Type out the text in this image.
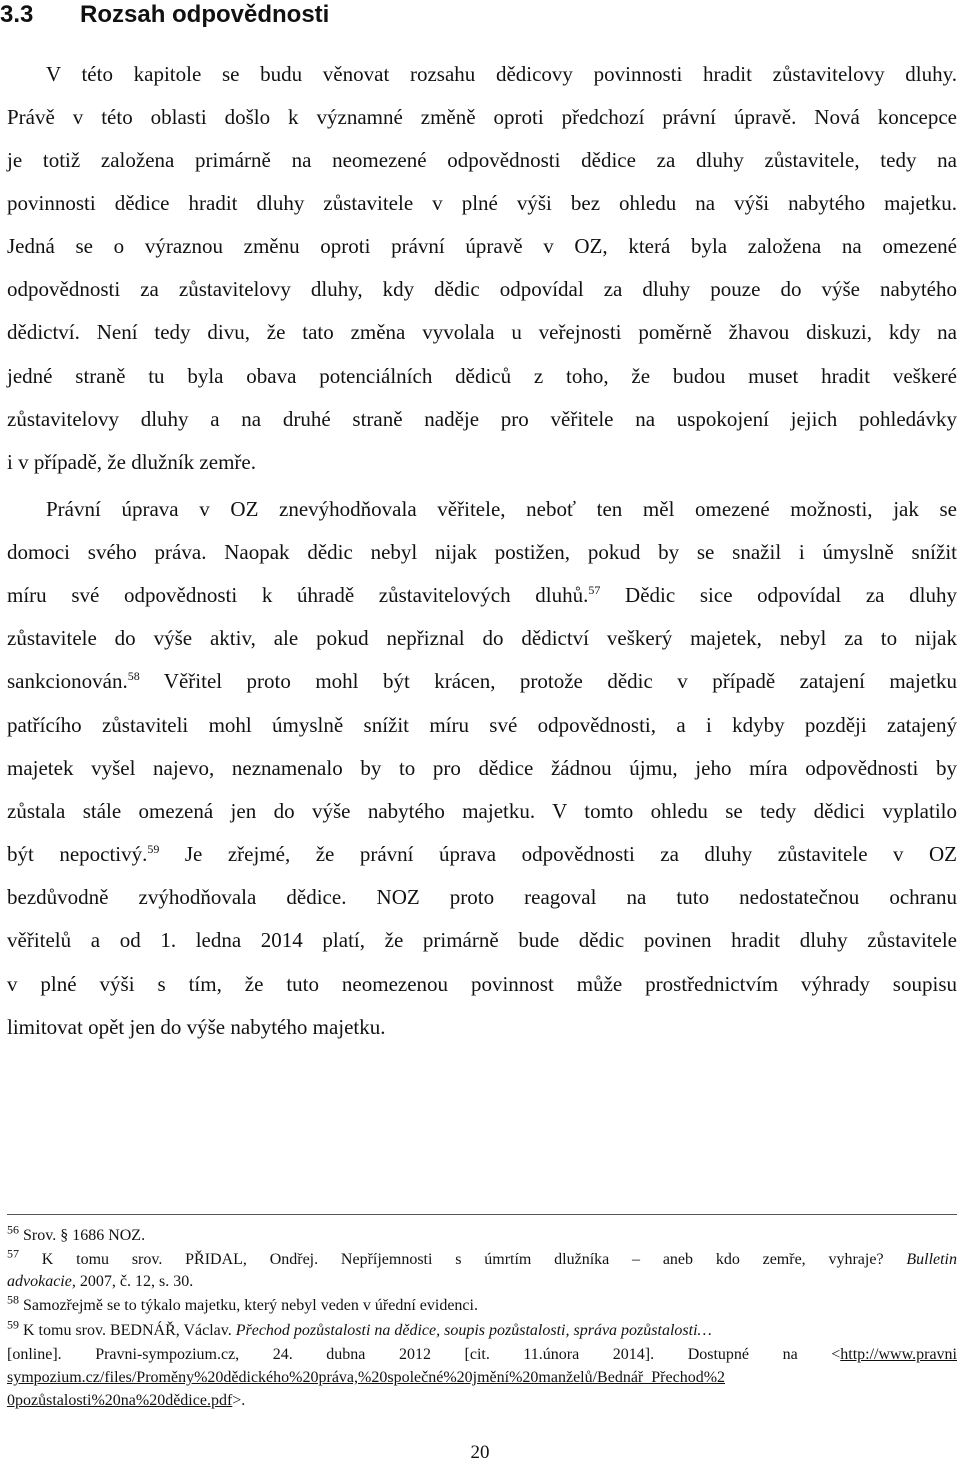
3.3 Rozsah odpovědnosti
V této kapitole se budu věnovat rozsahu dědicovy povinnosti hradit zůstavitelovy dluhy.
Právě v této oblasti došlo k významné změně oproti předchozí právní úpravě. Nová koncepce
je totiž založena primárně na neomezené odpovědnosti dědice za dluhy zůstavitele, tedy na
povinnosti dědice hradit dluhy zůstavitele v plné výši bez ohledu na výši nabytého majetku.
Jedná se o výraznou změnu oproti právní úpravě v OZ, která byla založena na omezené
odpovědnosti za zůstavitelovy dluhy, kdy dědic odpovídal za dluhy pouze do výše nabytého
dědictví. Není tedy divu, že tato změna vyvolala u veřejnosti poměrně žhavou diskuzi, kdy na
jedné straně tu byla obava potenciálních dědiců z toho, že budou muset hradit veškeré
zůstavitelovy dluhy a na druhé straně naděje pro věřitele na uspokojení jejich pohledávky
i v případě, že dlužník zemře.
Právní úprava v OZ znevýhodňovala věřitele, neboť ten měl omezené možnosti, jak se
domoci svého práva. Naopak dědic nebyl nijak postižen, pokud by se snažil i úmyslně snížit
míru své odpovědnosti k úhradě zůstavitelových dluhů.$^{57}$ Dědic sice odpovídal za dluhy
zůstavitele do výše aktiv, ale pokud nepřiznal do dědictví veškerý majetek, nebyl za to nijak
sankcionován.$^{58}$ Věřitel proto mohl být krácen, protože dědic v případě zatajení majetku
patřícího zůstaviteli mohl úmyslně snížit míru své odpovědnosti, a i kdyby později zatajený
majetek vyšel najevo, neznamenalo by to pro dědice žádnou újmu, jeho míra odpovědnosti by
zůstala stále omezená jen do výše nabytého majetku. V tomto ohledu se tedy dědici vyplatilo
být nepoctivý.$^{59}$ Je zřejmé, že právní úprava odpovědnosti za dluhy zůstavitele v OZ
bezdůvodně zvýhodňovala dědice. NOZ proto reagoval na tuto nedostatečnou ochranu
věřitelů a od 1. ledna 2014 platí, že primárně bude dědic povinen hradit dluhy zůstavitele
v plné výši s tím, že tuto neomezenou povinnost může prostřednictvím výhrady soupisu
limitovat opět jen do výše nabytého majetku.
$^{56}$ Srov. § 1686 NOZ.
$^{57}$ K tomu srov. PŘIDAL, Ondřej. Nepříjemnosti s úmrtím dlužníka – aneb kdo zemře, vyhraje? Bulletin
advokacie, 2007, č. 12, s. 30.
$^{58}$ Samozřejmě se to týkalo majetku, který nebyl veden v úřední evidenci.
$^{59}$ K tomu srov. BEDNÁŘ, Václav. Přechod pozůstalosti na dědice, soupis pozůstalosti, správa pozůstalosti…
[online]. Pravni-sympozium.cz, 24. dubna 2012 [cit. 11.února 2014]. Dostupné na <http://www.pravni
sympozium.cz/files/Proměny%20dědického%20práva,%20společné%20jmění%20manželů/Bednář_Přechod%2
0pozůstalosti%20na%20dědice.pdf>.
20
